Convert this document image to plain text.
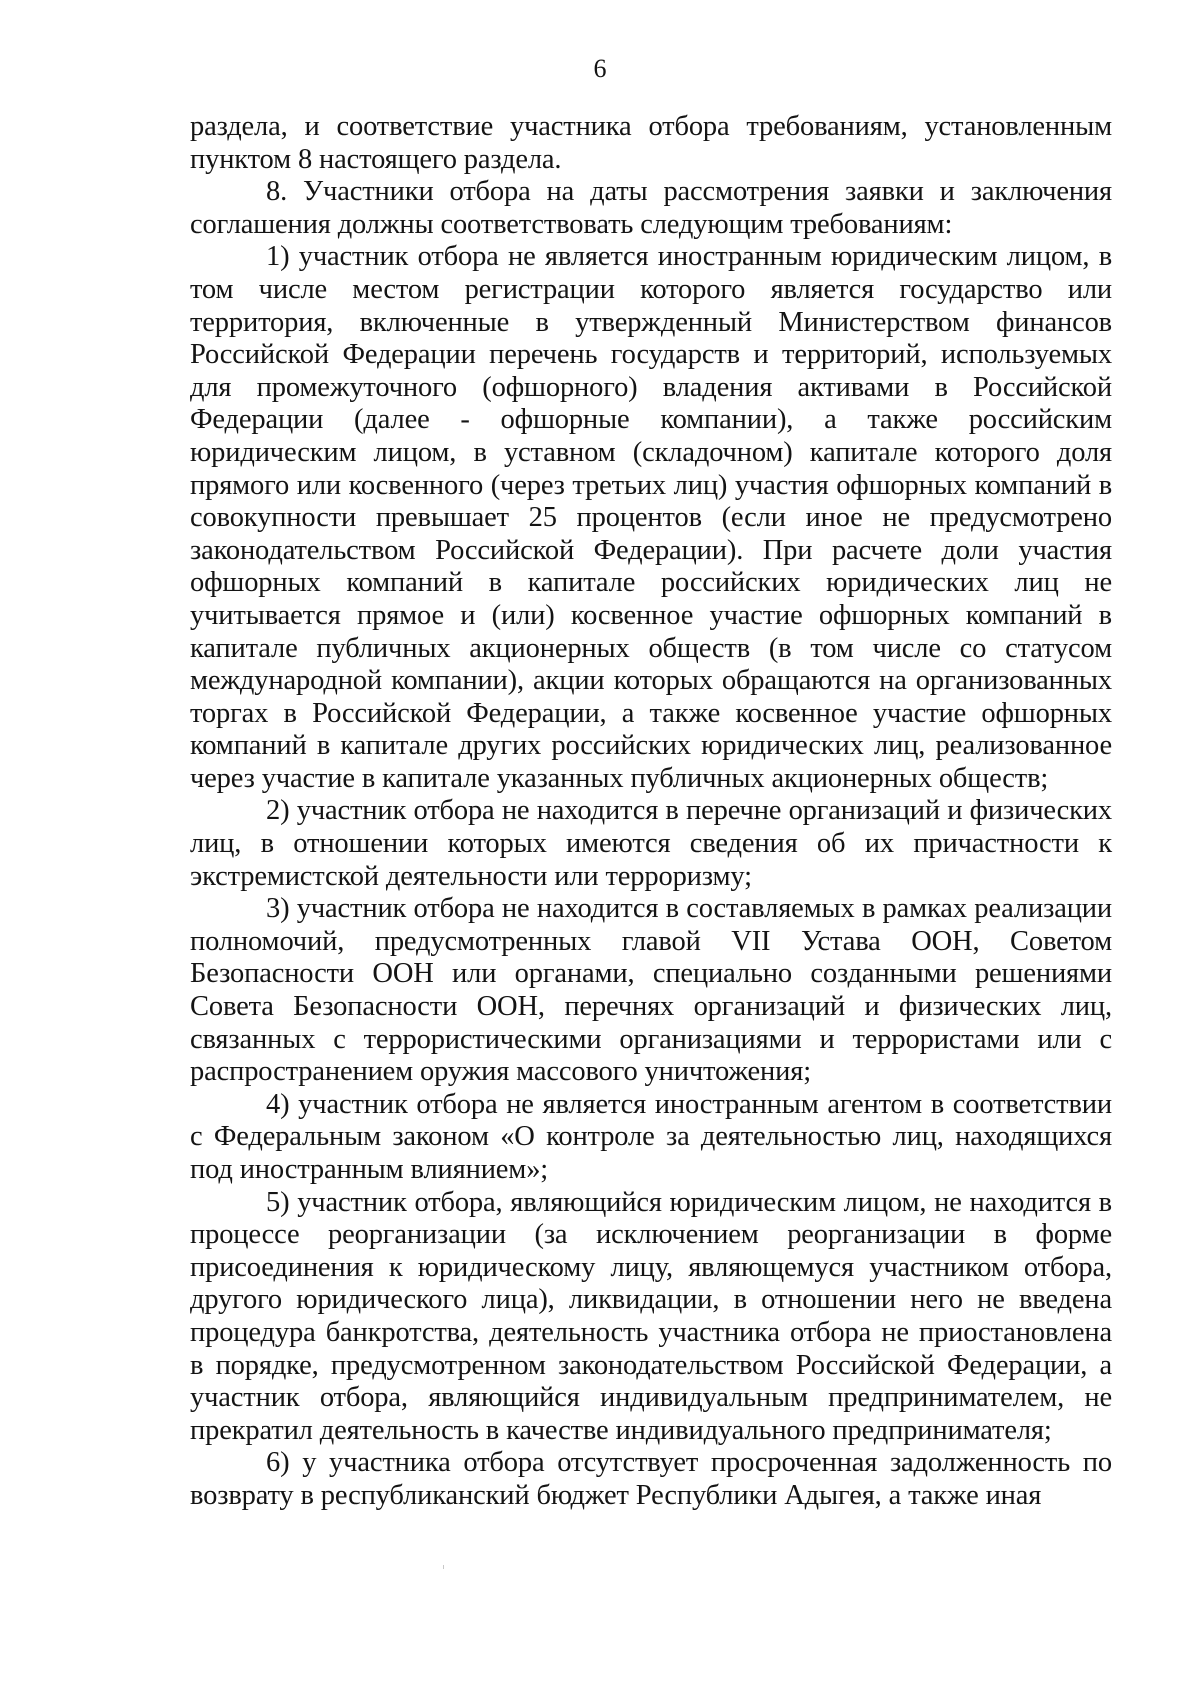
6

раздела, и соответствие участника отбора требованиям, установленным пунктом 8 настоящего раздела.

8. Участники отбора на даты рассмотрения заявки и заключения соглашения должны соответствовать следующим требованиям:

1) участник отбора не является иностранным юридическим лицом, в том числе местом регистрации которого является государство или территория, включенные в утвержденный Министерством финансов Российской Федерации перечень государств и территорий, используемых для промежуточного (офшорного) владения активами в Российской Федерации (далее - офшорные компании), а также российским юридическим лицом, в уставном (складочном) капитале которого доля прямого или косвенного (через третьих лиц) участия офшорных компаний в совокупности превышает 25 процентов (если иное не предусмотрено законодательством Российской Федерации). При расчете доли участия офшорных компаний в капитале российских юридических лиц не учитывается прямое и (или) косвенное участие офшорных компаний в капитале публичных акционерных обществ (в том числе со статусом международной компании), акции которых обращаются на организованных торгах в Российской Федерации, а также косвенное участие офшорных компаний в капитале других российских юридических лиц, реализованное через участие в капитале указанных публичных акционерных обществ;

2) участник отбора не находится в перечне организаций и физических лиц, в отношении которых имеются сведения об их причастности к экстремистской деятельности или терроризму;

3) участник отбора не находится в составляемых в рамках реализации полномочий, предусмотренных главой VII Устава ООН, Советом Безопасности ООН или органами, специально созданными решениями Совета Безопасности ООН, перечнях организаций и физических лиц, связанных с террористическими организациями и террористами или с распространением оружия массового уничтожения;

4) участник отбора не является иностранным агентом в соответствии с Федеральным законом «О контроле за деятельностью лиц, находящихся под иностранным влиянием»;

5) участник отбора, являющийся юридическим лицом, не находится в процессе реорганизации (за исключением реорганизации в форме присоединения к юридическому лицу, являющемуся участником отбора, другого юридического лица), ликвидации, в отношении него не введена процедура банкротства, деятельность участника отбора не приостановлена в порядке, предусмотренном законодательством Российской Федерации, а участник отбора, являющийся индивидуальным предпринимателем, не прекратил деятельность в качестве индивидуального предпринимателя;

6) у участника отбора отсутствует просроченная задолженность по возврату в республиканский бюджет Республики Адыгея, а также иная
